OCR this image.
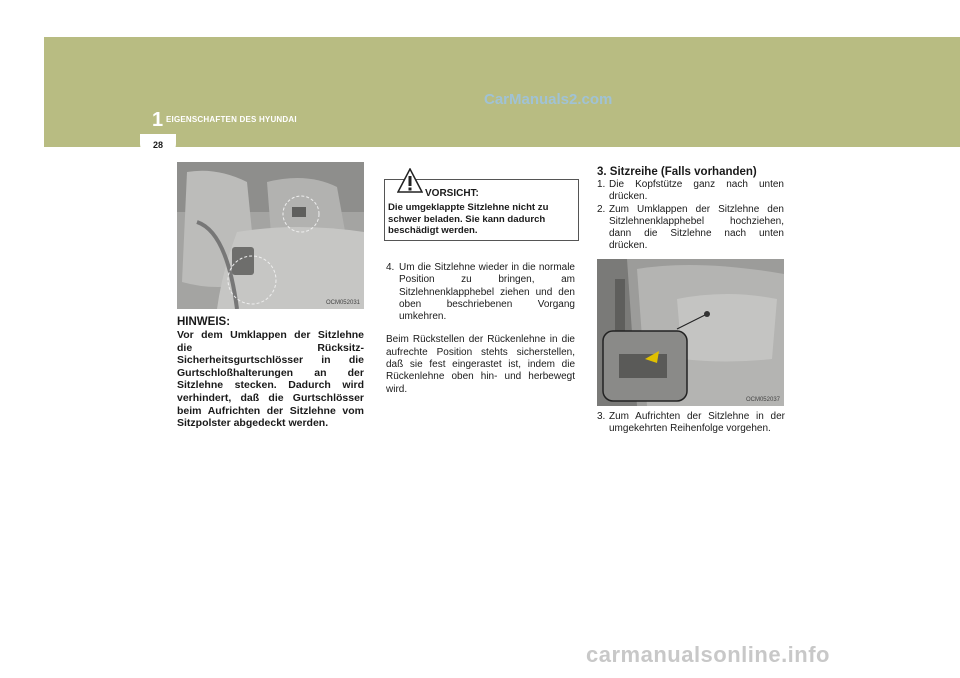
1 EIGENSCHAFTEN DES HYUNDAI
CarManuals2.com
28
OCM052031
HINWEIS:
Vor dem Umklappen der Sitzlehne die Rücksitz-Sicherheitsgurtschlösser in die Gurtschloßhalterungen an der Sitzlehne stecken. Dadurch wird verhindert, daß die Gurtschlösser beim Aufrichten der Sitzlehne vom Sitzpolster abgedeckt werden.
VORSICHT:
Die umgeklappte Sitzlehne nicht zu schwer beladen. Sie kann dadurch beschädigt werden.
4. Um die Sitzlehne wieder in die normale Position zu bringen, am Sitzlehnenklapphebel ziehen und den oben beschriebenen Vorgang umkehren.
Beim Rückstellen der Rückenlehne in die aufrechte Position stehts sicherstellen, daß sie fest eingerastet ist, indem die Rückenlehne oben hin- und herbewegt wird.
3. Sitzreihe (Falls vorhanden)
1. Die Kopfstütze ganz nach unten drücken.
2. Zum Umklappen der Sitzlehne den Sitzlehnenklapphebel hochziehen, dann die Sitzlehne nach unten drücken.
OCM052037
3. Zum Aufrichten der Sitzlehne in der umgekehrten Reihenfolge vorgehen.
carmanualsonline.info
